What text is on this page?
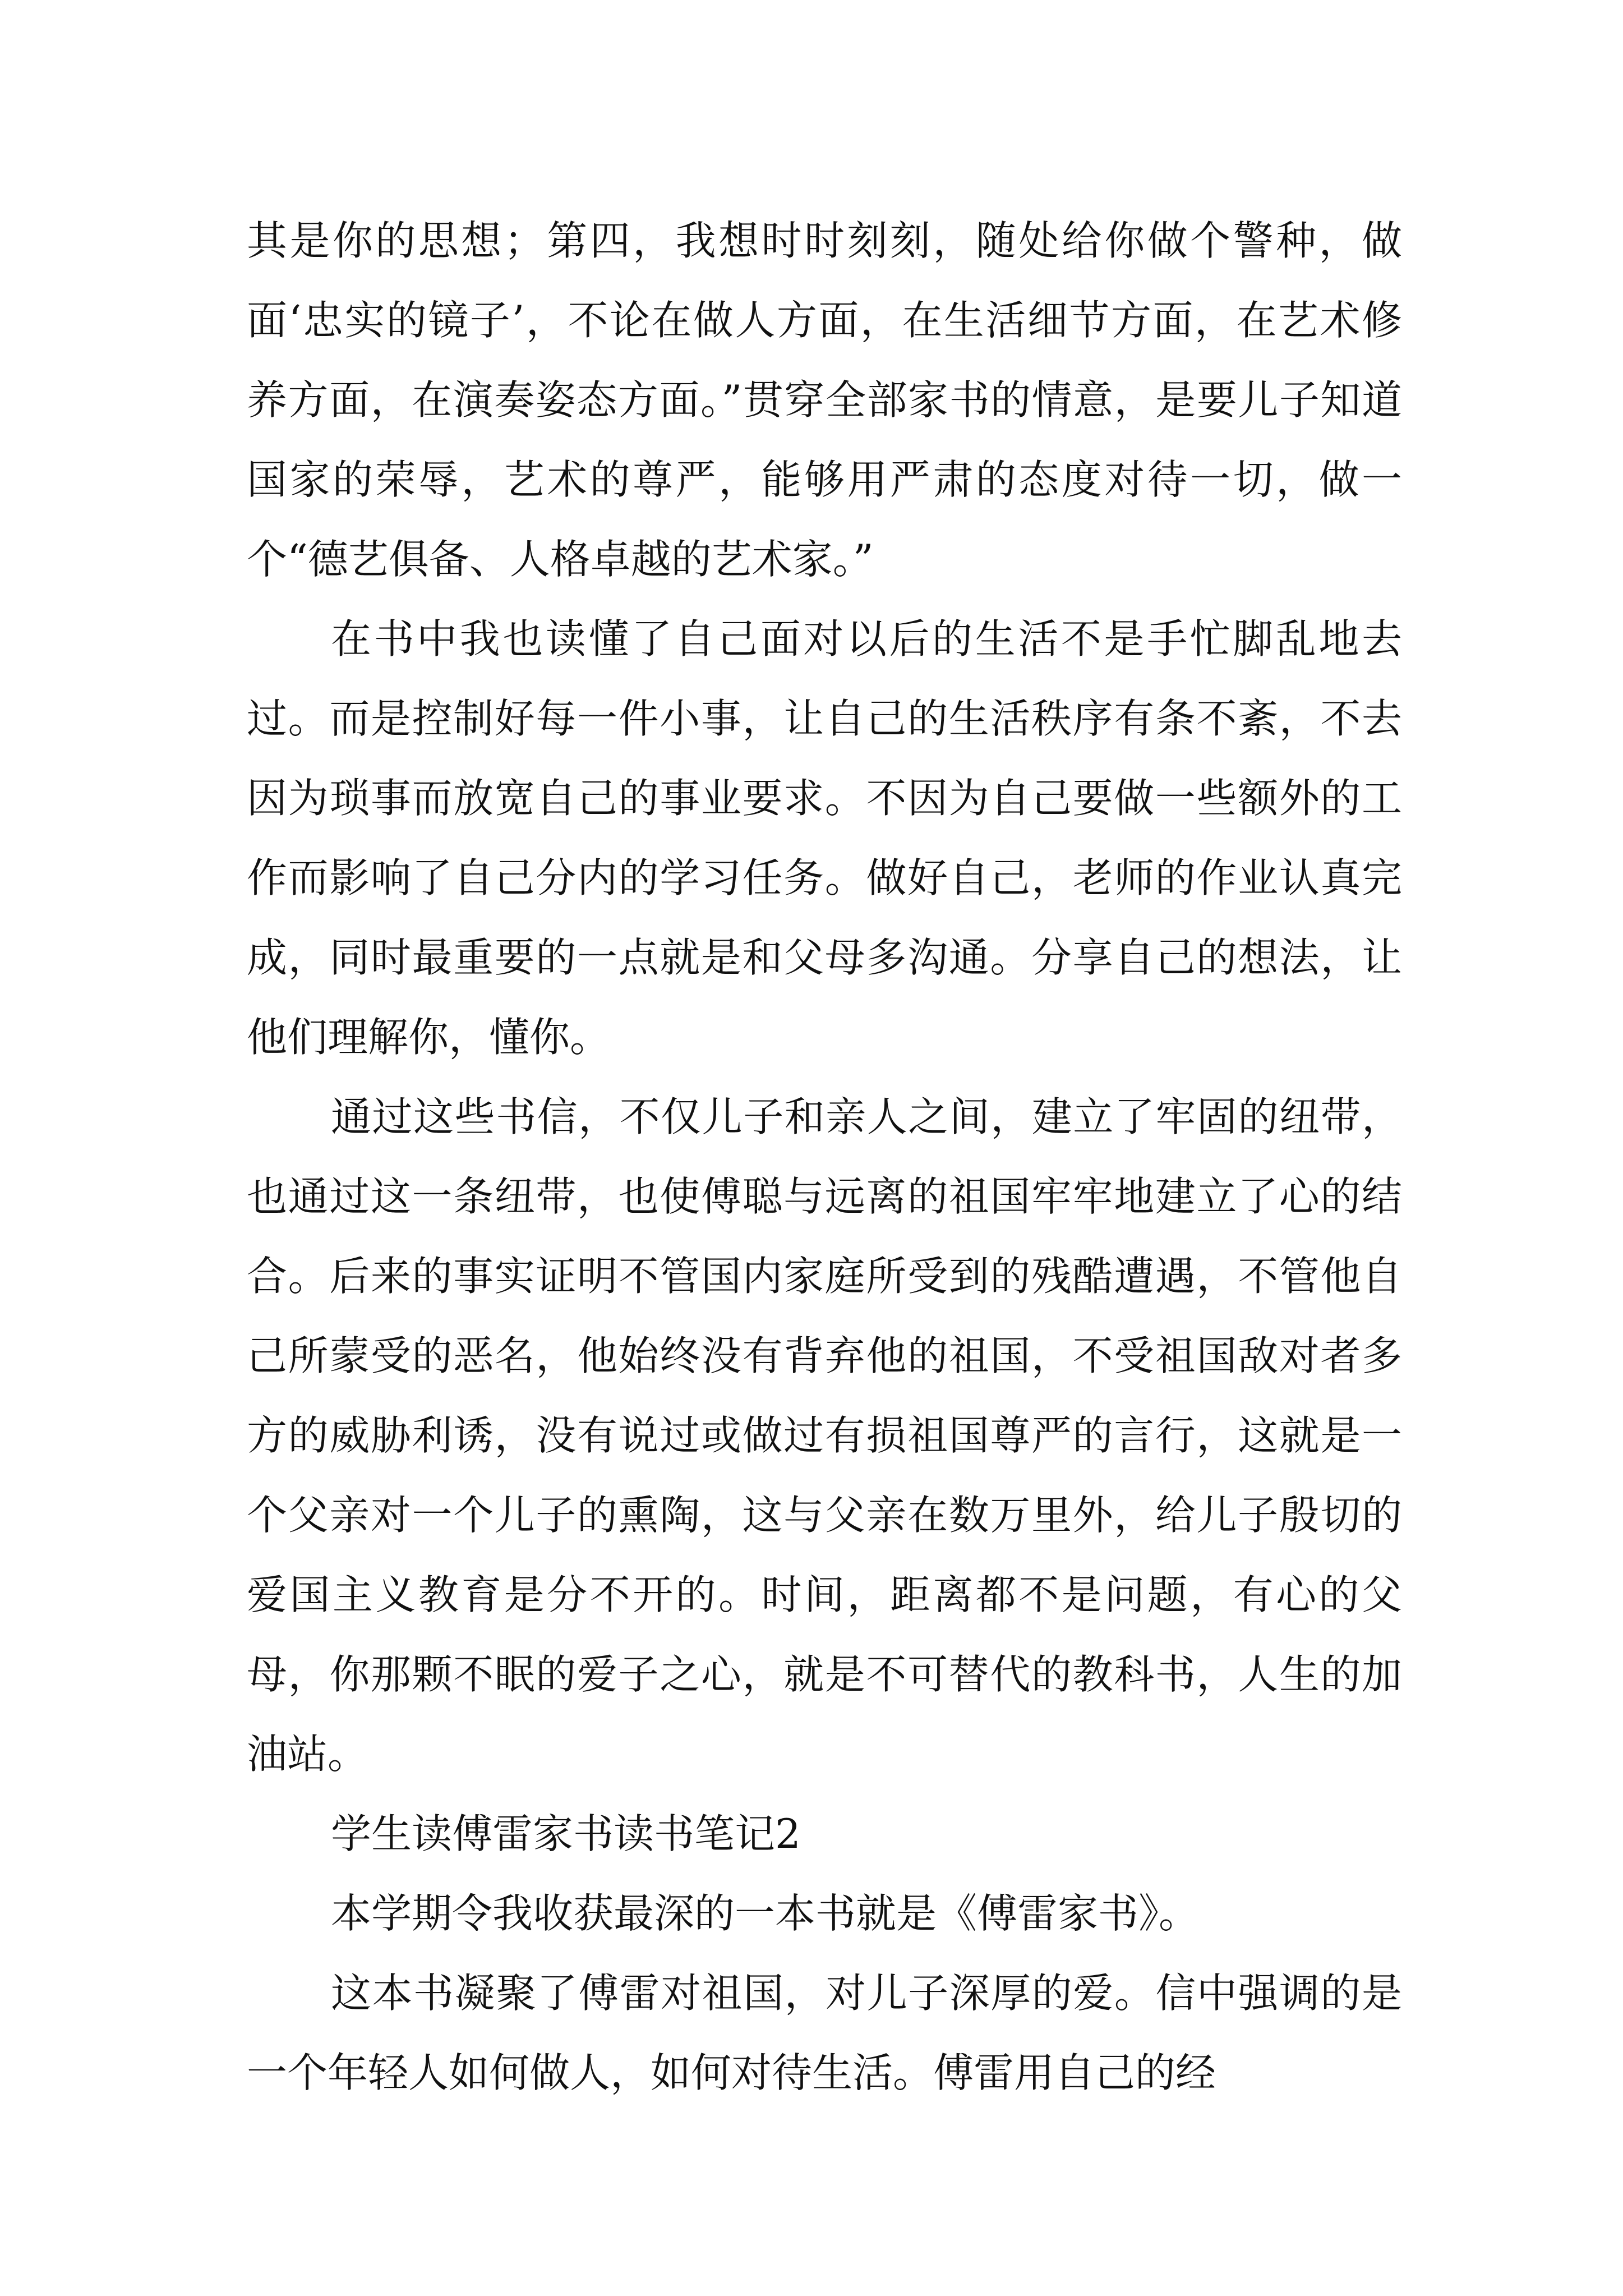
其是你的思想；第四，我想时时刻刻，随处给你做个警种，做面‘忠实的镜子’，不论在做人方面，在生活细节方面，在艺术修养方面，在演奏姿态方面。”贯穿全部家书的情意，是要儿子知道国家的荣辱，艺术的尊严，能够用严肃的态度对待一切，做一个“德艺俱备、人格卓越的艺术家。”

在书中我也读懂了自己面对以后的生活不是手忙脚乱地去过。而是控制好每一件小事，让自己的生活秩序有条不紊，不去因为琐事而放宽自己的事业要求。不因为自己要做一些额外的工作而影响了自己分内的学习任务。做好自己，老师的作业认真完成，同时最重要的一点就是和父母多沟通。分享自己的想法，让他们理解你，懂你。

通过这些书信，不仅儿子和亲人之间，建立了牢固的纽带，也通过这一条纽带，也使傅聪与远离的祖国牢牢地建立了心的结合。后来的事实证明不管国内家庭所受到的残酷遭遇，不管他自己所蒙受的恶名，他始终没有背弃他的祖国，不受祖国敌对者多方的威胁利诱，没有说过或做过有损祖国尊严的言行，这就是一个父亲对一个儿子的熏陶，这与父亲在数万里外，给儿子殷切的爱国主义教育是分不开的。时间，距离都不是问题，有心的父母，你那颗不眠的爱子之心，就是不可替代的教科书，人生的加油站。

学生读傅雷家书读书笔记2

本学期令我收获最深的一本书就是《傅雷家书》。

这本书凝聚了傅雷对祖国，对儿子深厚的爱。信中强调的是一个年轻人如何做人，如何对待生活。傅雷用自己的经
